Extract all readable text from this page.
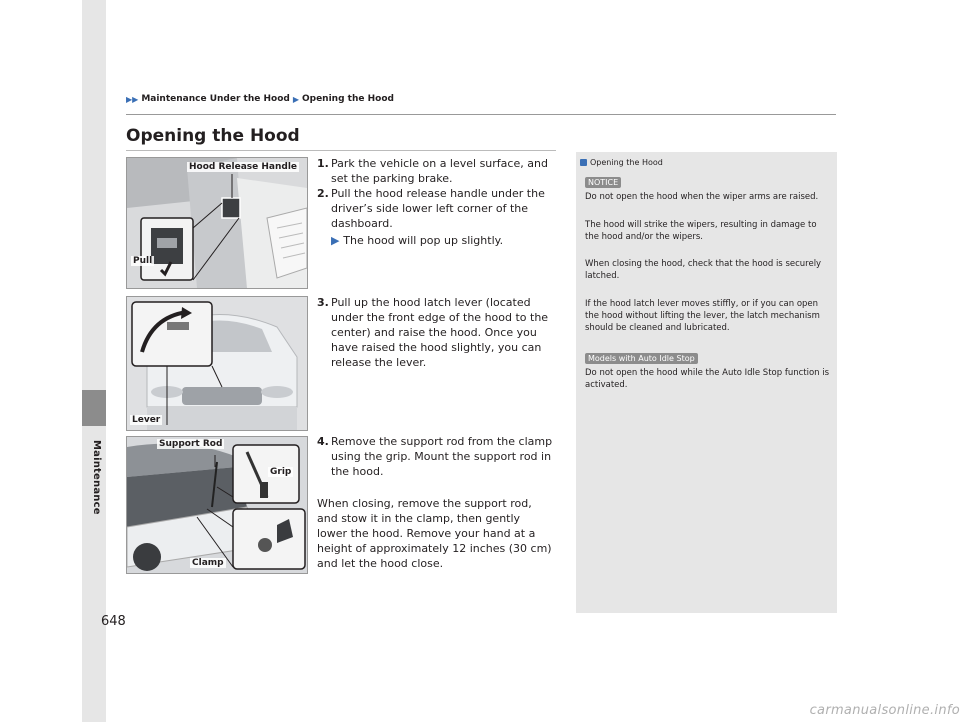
Maintenance
▶▶ Maintenance Under the Hood ▶ Opening the Hood
Opening the Hood
Hood Release Handle
Pull
Lever
Support Rod
Grip
Clamp
1. Park the vehicle on a level surface, and set the parking brake.
2. Pull the hood release handle under the driver’s side lower left corner of the dashboard.
▶ The hood will pop up slightly.
3. Pull up the hood latch lever (located under the front edge of the hood to the center) and raise the hood. Once you have raised the hood slightly, you can release the lever.
4. Remove the support rod from the clamp using the grip. Mount the support rod in the hood.
When closing, remove the support rod, and stow it in the clamp, then gently lower the hood. Remove your hand at a height of approximately 12 inches (30 cm) and let the hood close.
Opening the Hood
NOTICE
Do not open the hood when the wiper arms are raised.
The hood will strike the wipers, resulting in damage to the hood and/or the wipers.
When closing the hood, check that the hood is securely latched.
If the hood latch lever moves stiffly, or if you can open the hood without lifting the lever, the latch mechanism should be cleaned and lubricated.
Models with Auto Idle Stop
Do not open the hood while the Auto Idle Stop function is activated.
648
carmanualsonline.info
